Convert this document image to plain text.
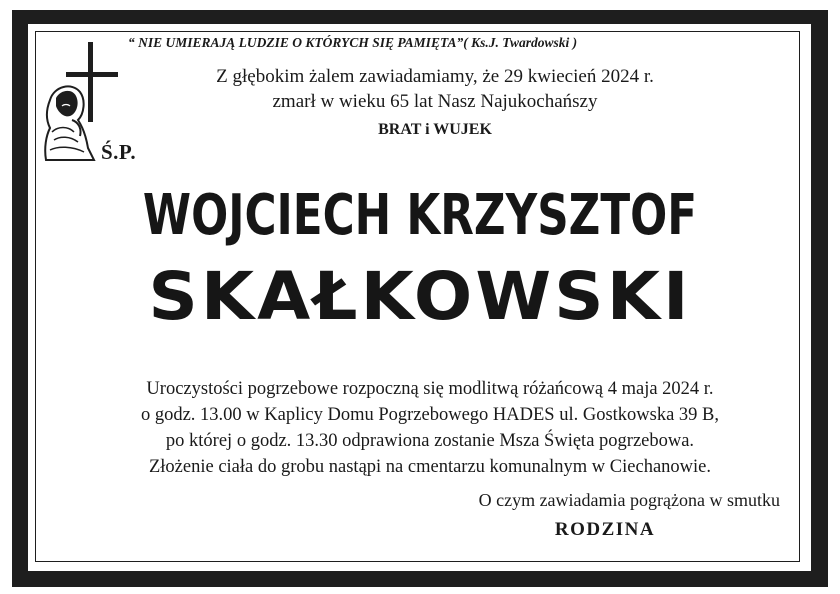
“ NIE UMIERAJĄ LUDZIE O KTÓRYCH SIĘ PAMIĘTA”( Ks.J. Twardowski )
Ś.P.
Z głębokim żalem zawiadamiamy, że 29 kwiecień 2024 r.
zmarł w wieku 65 lat Nasz Najukochańszy
BRAT i WUJEK
WOJCIECH KRZYSZTOF
SKAŁKOWSKI
Uroczystości pogrzebowe rozpoczną się modlitwą różańcową 4 maja 2024 r.
o godz. 13.00 w Kaplicy Domu Pogrzebowego HADES ul. Gostkowska 39 B,
po której o godz. 13.30 odprawiona zostanie Msza Święta pogrzebowa.
Złożenie ciała do grobu nastąpi na cmentarzu komunalnym w Ciechanowie.
O czym zawiadamia pogrążona w smutku
RODZINA
